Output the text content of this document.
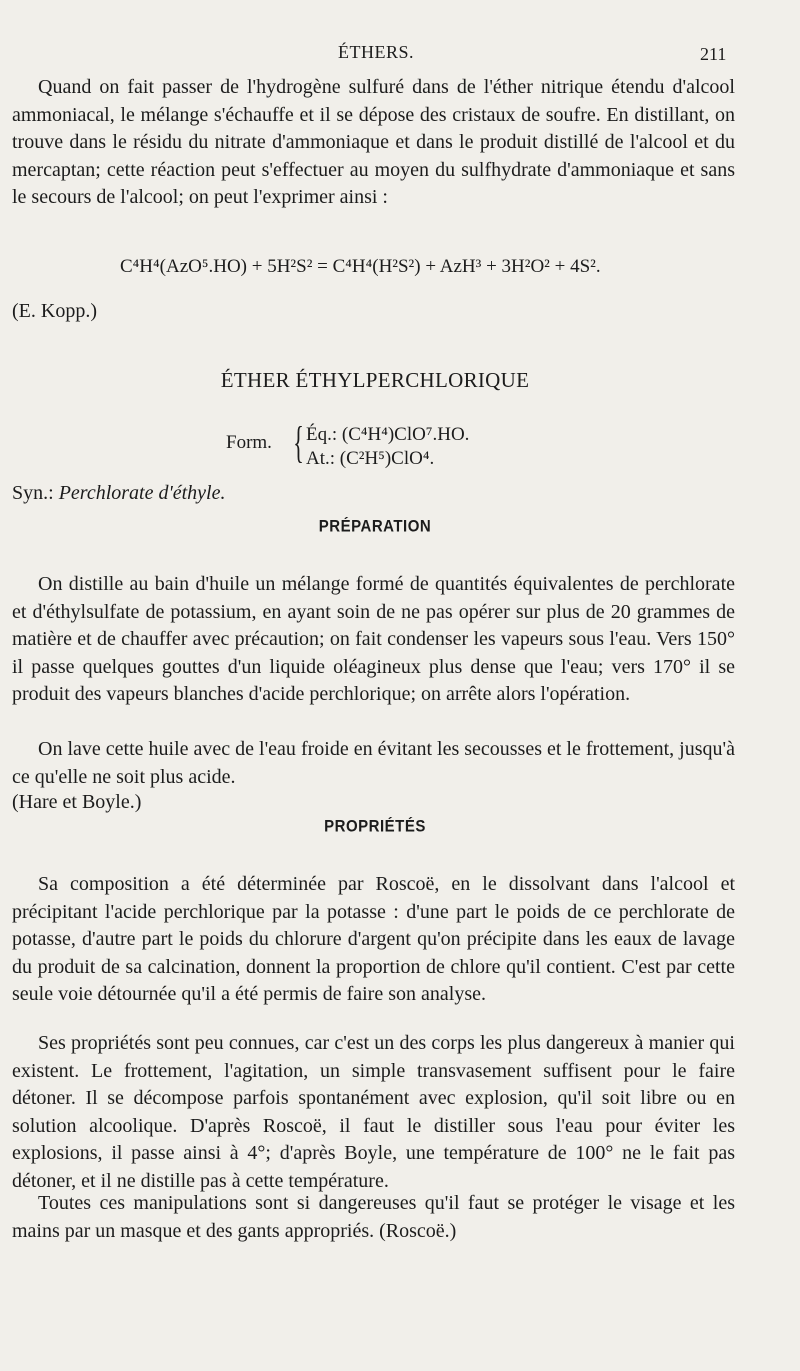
ÉTHERS.	211

Quand on fait passer de l'hydrogène sulfuré dans de l'éther nitrique étendu d'alcool ammoniacal, le mélange s'échauffe et il se dépose des cristaux de soufre. En distillant, on trouve dans le résidu du nitrate d'ammoniaque et dans le produit distillé de l'alcool et du mercaptan; cette réaction peut s'effectuer au moyen du sulfhydrate d'ammoniaque et sans le secours de l'alcool; on peut l'exprimer ainsi :

C⁴H⁴(AzO⁵.HO) + 5H²S² = C⁴H⁴(H²S²) + AzH³ + 3H²O² + 4S².
(E. Kopp.)
ÉTHER ÉTHYLPERCHLORIQUE
Form. { Éq.: (C⁴H⁴)ClO⁷.HO.
At.: (C²H⁵)ClO⁴.
Syn.: Perchlorate d'éthyle.
PRÉPARATION

On distille au bain d'huile un mélange formé de quantités équivalentes de perchlorate et d'éthylsulfate de potassium, en ayant soin de ne pas opérer sur plus de 20 grammes de matière et de chauffer avec précaution; on fait condenser les vapeurs sous l'eau. Vers 150° il passe quelques gouttes d'un liquide oléagineux plus dense que l'eau; vers 170° il se produit des vapeurs blanches d'acide perchlorique; on arrête alors l'opération.

On lave cette huile avec de l'eau froide en évitant les secousses et le frottement, jusqu'à ce qu'elle ne soit plus acide.

(Hare et Boyle.)
PROPRIÉTÉS

Sa composition a été déterminée par Roscoë, en le dissolvant dans l'alcool et précipitant l'acide perchlorique par la potasse : d'une part le poids de ce perchlorate de potasse, d'autre part le poids du chlorure d'argent qu'on précipite dans les eaux de lavage du produit de sa calcination, donnent la proportion de chlore qu'il contient. C'est par cette seule voie détournée qu'il a été permis de faire son analyse.

Ses propriétés sont peu connues, car c'est un des corps les plus dangereux à manier qui existent. Le frottement, l'agitation, un simple transvasement suffisent pour le faire détoner. Il se décompose parfois spontanément avec explosion, qu'il soit libre ou en solution alcoolique. D'après Roscoë, il faut le distiller sous l'eau pour éviter les explosions, il passe ainsi à 4°; d'après Boyle, une température de 100° ne le fait pas détoner, et il ne distille pas à cette température.

Toutes ces manipulations sont si dangereuses qu'il faut se protéger le visage et les mains par un masque et des gants appropriés. (Roscoë.)
